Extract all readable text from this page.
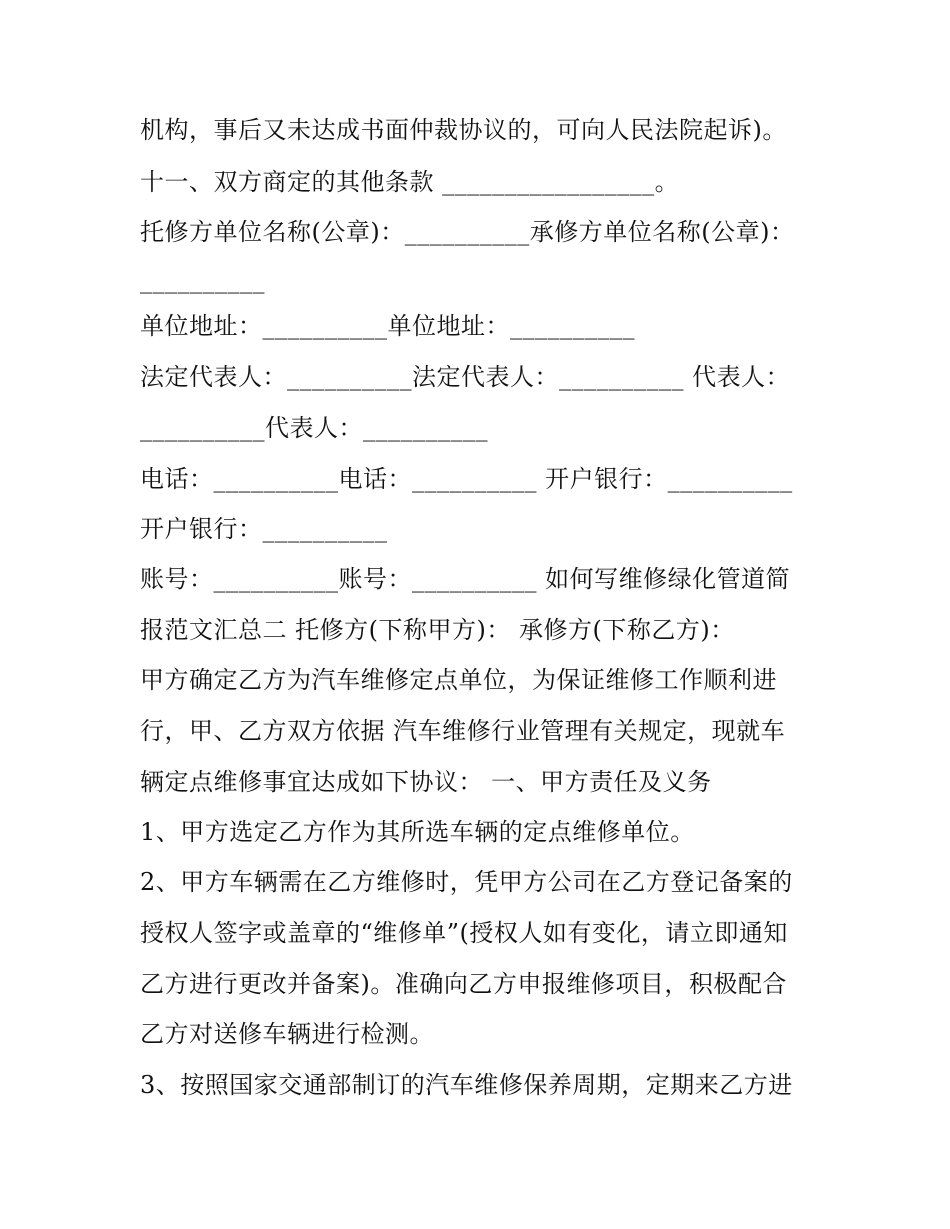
机构，事后又未达成书面仲裁协议的，可向人民法院起诉)。
十一、双方商定的其他条款 _________________。
托修方单位名称(公章)：__________承修方单位名称(公章)：
__________
单位地址：__________单位地址：__________
法定代表人：__________法定代表人：__________ 代表人：
__________代表人：__________
电话：__________电话：__________ 开户银行：__________
开户银行：__________
账号：__________账号：__________ 如何写维修绿化管道简
报范文汇总二 托修方(下称甲方)： 承修方(下称乙方)：
甲方确定乙方为汽车维修定点单位，为保证维修工作顺利进
行，甲、乙方双方依据 汽车维修行业管理有关规定，现就车
辆定点维修事宜达成如下协议： 一、甲方责任及义务
1、甲方选定乙方作为其所选车辆的定点维修单位。
2、甲方车辆需在乙方维修时，凭甲方公司在乙方登记备案的
授权人签字或盖章的“维修单”(授权人如有变化，请立即通知
乙方进行更改并备案)。准确向乙方申报维修项目，积极配合
乙方对送修车辆进行检测。
3、按照国家交通部制订的汽车维修保养周期，定期来乙方进
